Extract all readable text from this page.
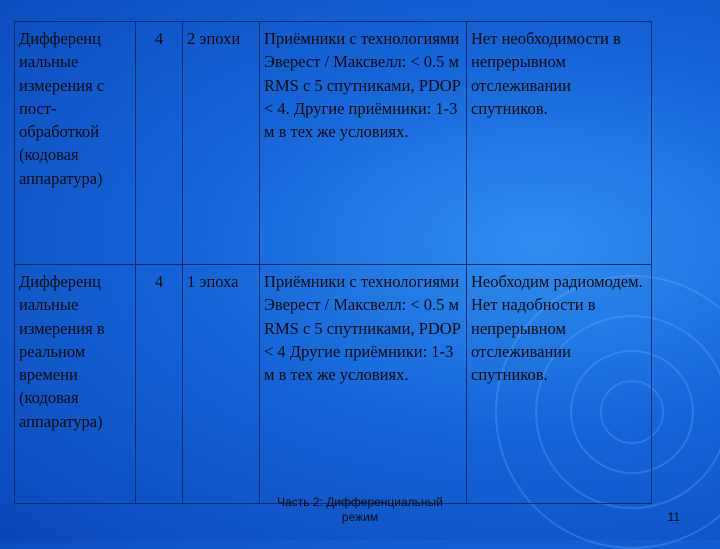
Дифференц иальные измерения с пост-обработкой (кодовая аппаратура)	4	2 эпохи	Приёмники с технологиями Эверест / Максвелл: < 0.5 м RMS с 5 спутниками, PDOP < 4. Другие приёмники: 1-3 м в тех же условиях.	Нет необходимости в непрерывном отслеживании спутников.
Дифференц иальные измерения в реальном времени (кодовая аппаратура)	4	1 эпоха	Приёмники с технологиями Эверест / Максвелл: < 0.5 м RMS с 5 спутниками, PDOP < 4 Другие приёмники: 1-3 м в тех же условиях.	Необходим радиомодем. Нет надобности в непрерывном отслеживании спутников.
Часть 2: Дифференциальный режим	11
